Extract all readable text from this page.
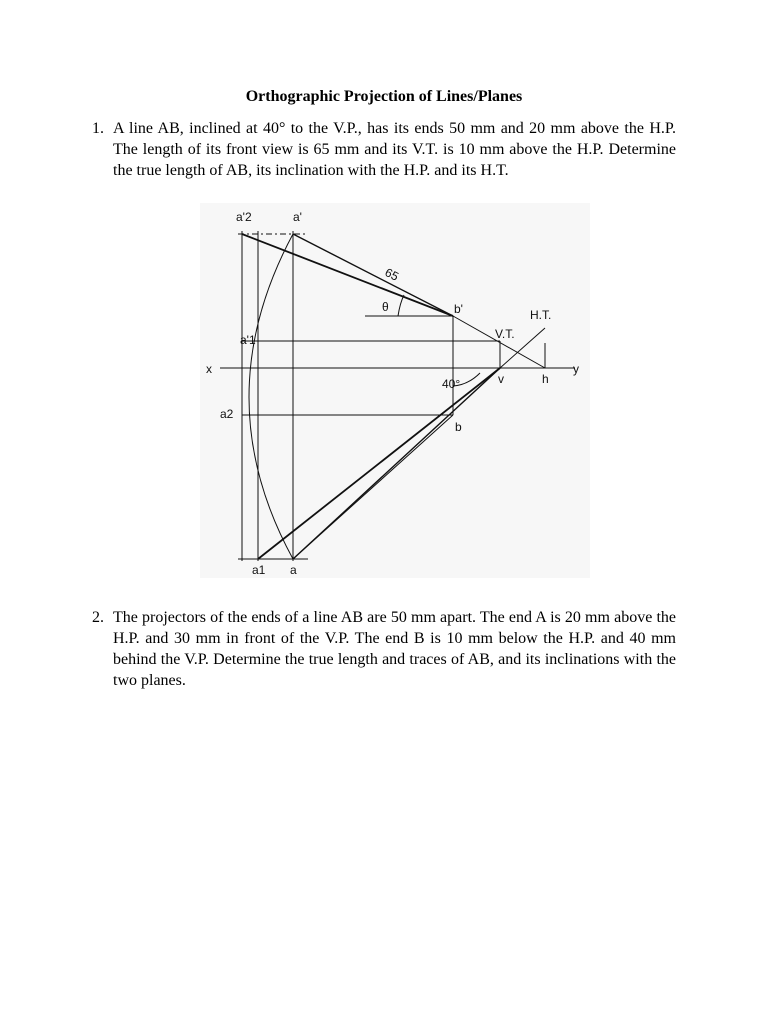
Orthographic Projection of Lines/Planes
1. A line AB, inclined at 40° to the V.P., has its ends 50 mm and 20 mm above the H.P. The length of its front view is 65 mm and its V.T. is 10 mm above the H.P. Determine the true length of AB, its inclination with the H.P. and its H.T.
a'2	a'
65
θ	b'	H.T.
V.T.
a'1
x	y
v	h
40°
a2
b
a1 a
2. The projectors of the ends of a line AB are 50 mm apart. The end A is 20 mm above the H.P. and 30 mm in front of the V.P. The end B is 10 mm below the H.P. and 40 mm behind the V.P. Determine the true length and traces of AB, and its inclinations with the two planes.
